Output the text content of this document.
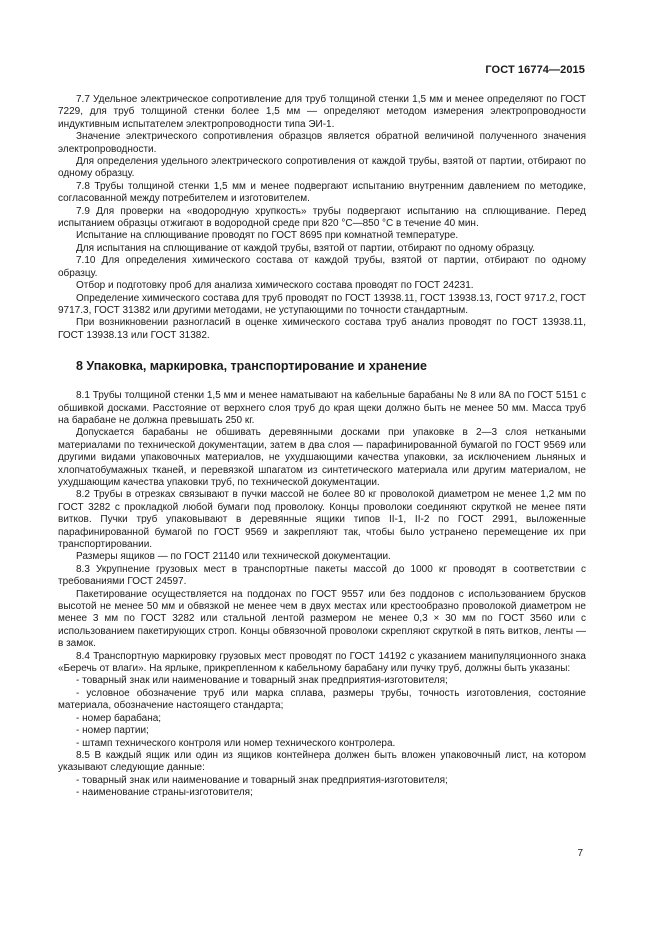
ГОСТ 16774—2015

7.7 Удельное электрическое сопротивление для труб толщиной стенки 1,5 мм и менее определяют по ГОСТ 7229, для труб толщиной стенки более 1,5 мм — определяют методом измерения электропроводности индуктивным испытателем электропроводности типа ЭИ-1.

Значение электрического сопротивления образцов является обратной величиной полученного значения электропроводности.

Для определения удельного электрического сопротивления от каждой трубы, взятой от партии, отбирают по одному образцу.

7.8 Трубы толщиной стенки 1,5 мм и менее подвергают испытанию внутренним давлением по методике, согласованной между потребителем и изготовителем.

7.9 Для проверки на «водородную хрупкость» трубы подвергают испытанию на сплющивание. Перед испытанием образцы отжигают в водородной среде при 820 °С—850 °С в течение 40 мин.

Испытание на сплющивание проводят по ГОСТ 8695 при комнатной температуре.

Для испытания на сплющивание от каждой трубы, взятой от партии, отбирают по одному образцу.

7.10 Для определения химического состава от каждой трубы, взятой от партии, отбирают по одному образцу.

Отбор и подготовку проб для анализа химического состава проводят по ГОСТ 24231.

Определение химического состава для труб проводят по ГОСТ 13938.11, ГОСТ 13938.13, ГОСТ 9717.2, ГОСТ 9717.3, ГОСТ 31382 или другими методами, не уступающими по точности стандартным.

При возникновении разногласий в оценке химического состава труб анализ проводят по ГОСТ 13938.11, ГОСТ 13938.13 или ГОСТ 31382.

8 Упаковка, маркировка, транспортирование и хранение

8.1 Трубы толщиной стенки 1,5 мм и менее наматывают на кабельные барабаны № 8 или 8А по ГОСТ 5151 с обшивкой досками. Расстояние от верхнего слоя труб до края щеки должно быть не менее 50 мм. Масса труб на барабане не должна превышать 250 кг.

Допускается барабаны не обшивать деревянными досками при упаковке в 2—3 слоя неткаными материалами по технической документации, затем в два слоя — парафинированной бумагой по ГОСТ 9569 или другими видами упаковочных материалов, не ухудшающими качества упаковки, за исключением льняных и хлопчатобумажных тканей, и перевязкой шпагатом из синтетического материала или другим материалом, не ухудшающим качества упаковки труб, по технической документации.

8.2 Трубы в отрезках связывают в пучки массой не более 80 кг проволокой диаметром не менее 1,2 мм по ГОСТ 3282 с прокладкой любой бумаги под проволоку. Концы проволоки соединяют скруткой не менее пяти витков. Пучки труб упаковывают в деревянные ящики типов II-1, II-2 по ГОСТ 2991, выложенные парафинированной бумагой по ГОСТ 9569 и закрепляют так, чтобы было устранено перемещение их при транспортировании.

Размеры ящиков — по ГОСТ 21140 или технической документации.

8.3 Укрупнение грузовых мест в транспортные пакеты массой до 1000 кг проводят в соответствии с требованиями ГОСТ 24597.

Пакетирование осуществляется на поддонах по ГОСТ 9557 или без поддонов с использованием брусков высотой не менее 50 мм и обвязкой не менее чем в двух местах или крестообразно проволокой диаметром не менее 3 мм по ГОСТ 3282 или стальной лентой размером не менее 0,3 × 30 мм по ГОСТ 3560 или с использованием пакетирующих строп. Концы обвязочной проволоки скрепляют скруткой в пять витков, ленты — в замок.

8.4 Транспортную маркировку грузовых мест проводят по ГОСТ 14192 с указанием манипуляционного знака «Беречь от влаги». На ярлыке, прикрепленном к кабельному барабану или пучку труб, должны быть указаны:

- товарный знак или наименование и товарный знак предприятия-изготовителя;

- условное обозначение труб или марка сплава, размеры трубы, точность изготовления, состояние материала, обозначение настоящего стандарта;

- номер барабана;

- номер партии;

- штамп технического контроля или номер технического контролера.

8.5 В каждый ящик или один из ящиков контейнера должен быть вложен упаковочный лист, на котором указывают следующие данные:

- товарный знак или наименование и товарный знак предприятия-изготовителя;

- наименование страны-изготовителя;

7
